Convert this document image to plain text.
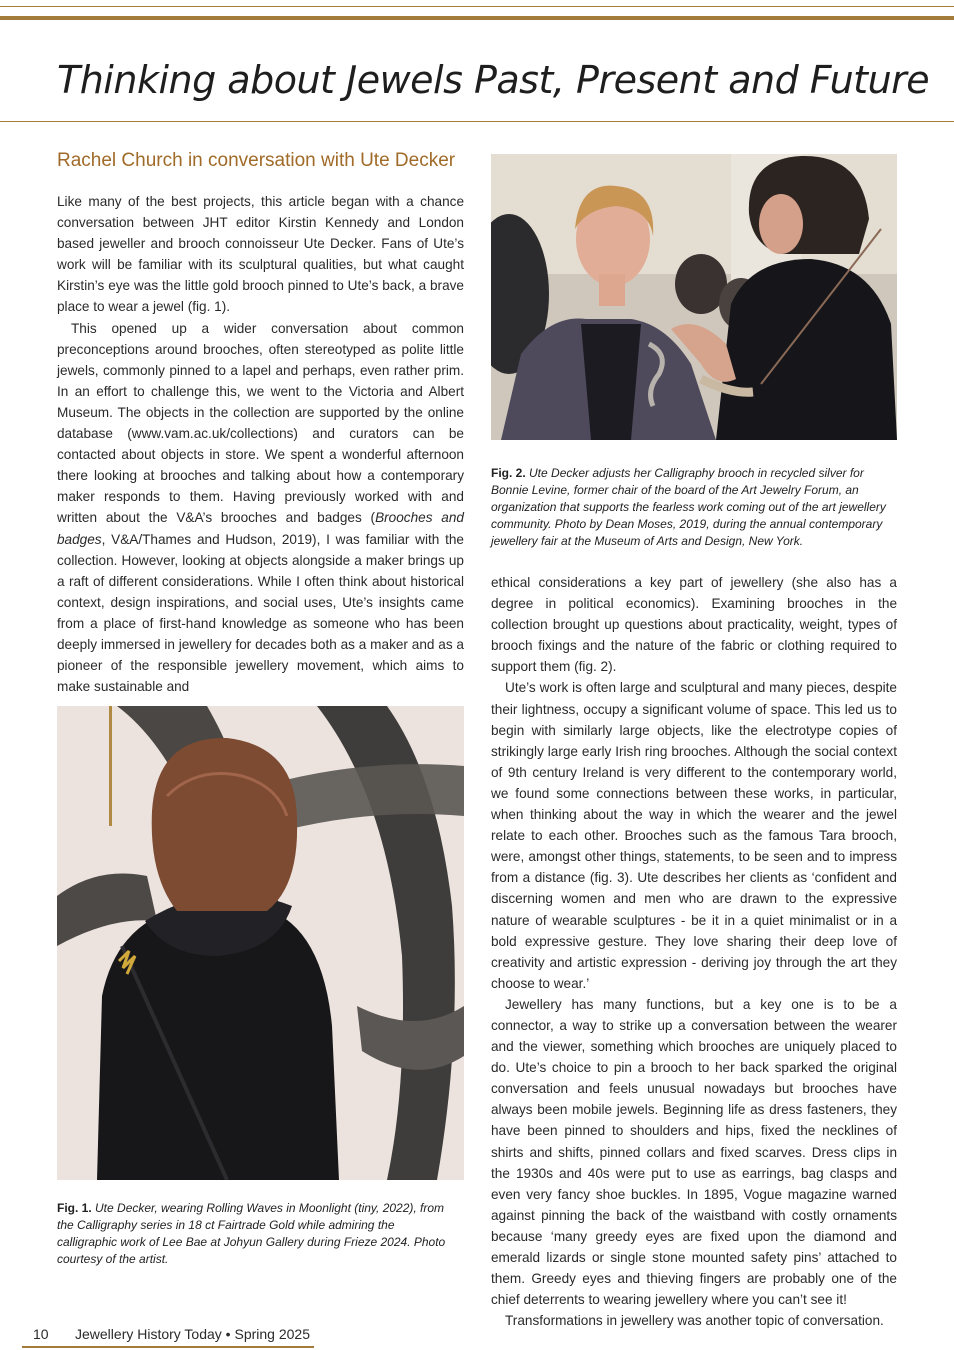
Thinking about Jewels Past, Present and Future
Rachel Church in conversation with Ute Decker

Like many of the best projects, this article began with a chance conversation between JHT editor Kirstin Kennedy and London based jeweller and brooch connoisseur Ute Decker. Fans of Ute’s work will be familiar with its sculptural qualities, but what caught Kirstin’s eye was the little gold brooch pinned to Ute’s back, a brave place to wear a jewel (fig. 1).

This opened up a wider conversation about common preconceptions around brooches, often stereotyped as polite little jewels, commonly pinned to a lapel and perhaps, even rather prim. In an effort to challenge this, we went to the Victoria and Albert Museum. The objects in the collection are supported by the online database (www.vam.ac.uk/collections) and curators can be contacted about objects in store. We spent a wonderful afternoon there looking at brooches and talking about how a contemporary maker responds to them. Having previously worked with and written about the V&A’s brooches and badges (Brooches and badges, V&A/Thames and Hudson, 2019), I was familiar with the collection. However, looking at objects alongside a maker brings up a raft of different considerations. While I often think about historical context, design inspirations, and social uses, Ute’s insights came from a place of first-hand knowledge as someone who has been deeply immersed in jewellery for decades both as a maker and as a pioneer of the responsible jewellery movement, which aims to make sustainable and

Fig. 2. Ute Decker adjusts her Calligraphy brooch in recycled silver for Bonnie Levine, former chair of the board of the Art Jewelry Forum, an organization that supports the fearless work coming out of the art jewellery community. Photo by Dean Moses, 2019, during the annual contemporary jewellery fair at the Museum of Arts and Design, New York.

ethical considerations a key part of jewellery (she also has a degree in political economics). Examining brooches in the collection brought up questions about practicality, weight, types of brooch fixings and the nature of the fabric or clothing required to support them (fig. 2).

Ute’s work is often large and sculptural and many pieces, despite their lightness, occupy a significant volume of space. This led us to begin with similarly large objects, like the electrotype copies of strikingly large early Irish ring brooches. Although the social context of 9th century Ireland is very different to the contemporary world, we found some connections between these works, in particular, when thinking about the way in which the wearer and the jewel relate to each other. Brooches such as the famous Tara brooch, were, amongst other things, statements, to be seen and to impress from a distance (fig. 3). Ute describes her clients as ‘confident and discerning women and men who are drawn to the expressive nature of wearable sculptures - be it in a quiet minimalist or in a bold expressive gesture. They love sharing their deep love of creativity and artistic expression - deriving joy through the art they choose to wear.’

Jewellery has many functions, but a key one is to be a connector, a way to strike up a conversation between the wearer and the viewer, something which brooches are uniquely placed to do. Ute’s choice to pin a brooch to her back sparked the original conversation and feels unusual nowadays but brooches have always been mobile jewels. Beginning life as dress fasteners, they have been pinned to shoulders and hips, fixed the necklines of shirts and shifts, pinned collars and fixed scarves. Dress clips in the 1930s and 40s were put to use as earrings, bag clasps and even very fancy shoe buckles. In 1895, Vogue magazine warned against pinning the back of the waistband with costly ornaments because ‘many greedy eyes are fixed upon the diamond and emerald lizards or single stone mounted safety pins’ attached to them. Greedy eyes and thieving fingers are probably one of the chief deterrents to wearing jewellery where you can’t see it!

Transformations in jewellery was another topic of conversation.

Fig. 1. Ute Decker, wearing Rolling Waves in Moonlight (tiny, 2022), from the Calligraphy series in 18 ct Fairtrade Gold while admiring the calligraphic work of Lee Bae at Johyun Gallery during Frieze 2024. Photo courtesy of the artist.
10 Jewellery History Today • Spring 2025
